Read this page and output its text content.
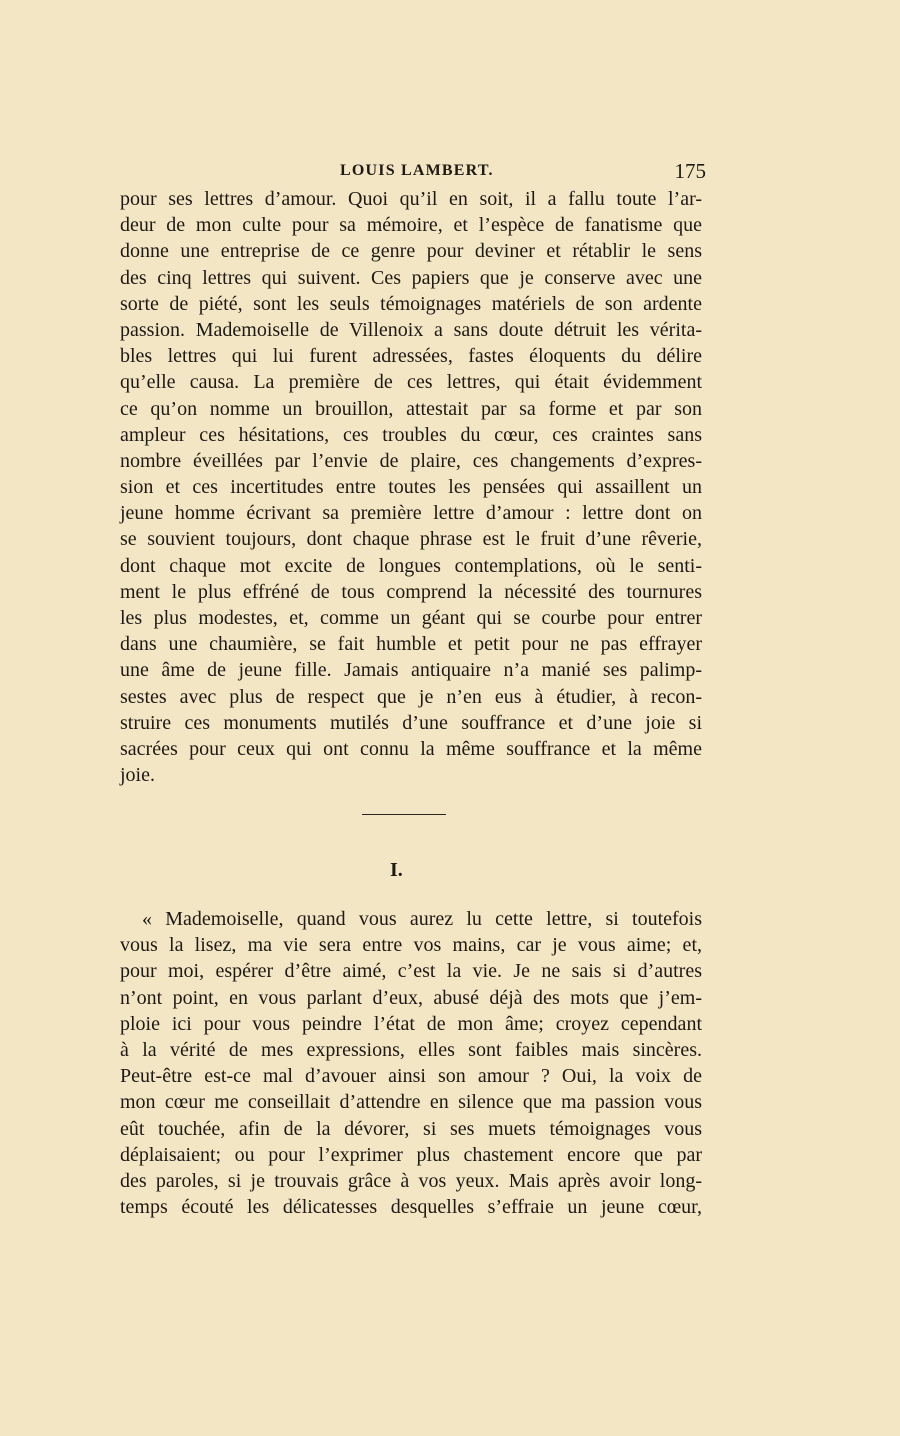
LOUIS LAMBERT.	175
pour ses lettres d’amour. Quoi qu’il en soit, il a fallu toute l’ar-
deur de mon culte pour sa mémoire, et l’espèce de fanatisme que
donne une entreprise de ce genre pour deviner et rétablir le sens
des cinq lettres qui suivent. Ces papiers que je conserve avec une
sorte de piété, sont les seuls témoignages matériels de son ardente
passion. Mademoiselle de Villenoix a sans doute détruit les vérita-
bles lettres qui lui furent adressées, fastes éloquents du délire
qu’elle causa. La première de ces lettres, qui était évidemment
ce qu’on nomme un brouillon, attestait par sa forme et par son
ampleur ces hésitations, ces troubles du cœur, ces craintes sans
nombre éveillées par l’envie de plaire, ces changements d’expres-
sion et ces incertitudes entre toutes les pensées qui assaillent un
jeune homme écrivant sa première lettre d’amour : lettre dont on
se souvient toujours, dont chaque phrase est le fruit d’une rêverie,
dont chaque mot excite de longues contemplations, où le senti-
ment le plus effréné de tous comprend la nécessité des tournures
les plus modestes, et, comme un géant qui se courbe pour entrer
dans une chaumière, se fait humble et petit pour ne pas effrayer
une âme de jeune fille. Jamais antiquaire n’a manié ses palimp-
sestes avec plus de respect que je n’en eus à étudier, à recon-
struire ces monuments mutilés d’une souffrance et d’une joie si
sacrées pour ceux qui ont connu la même souffrance et la même
joie.
I.
« Mademoiselle, quand vous aurez lu cette lettre, si toutefois
vous la lisez, ma vie sera entre vos mains, car je vous aime; et,
pour moi, espérer d’être aimé, c’est la vie. Je ne sais si d’autres
n’ont point, en vous parlant d’eux, abusé déjà des mots que j’em-
ploie ici pour vous peindre l’état de mon âme; croyez cependant
à la vérité de mes expressions, elles sont faibles mais sincères.
Peut-être est-ce mal d’avouer ainsi son amour ? Oui, la voix de
mon cœur me conseillait d’attendre en silence que ma passion vous
eût touchée, afin de la dévorer, si ses muets témoignages vous
déplaisaient; ou pour l’exprimer plus chastement encore que par
des paroles, si je trouvais grâce à vos yeux. Mais après avoir long-
temps écouté les délicatesses desquelles s’effraie un jeune cœur,
